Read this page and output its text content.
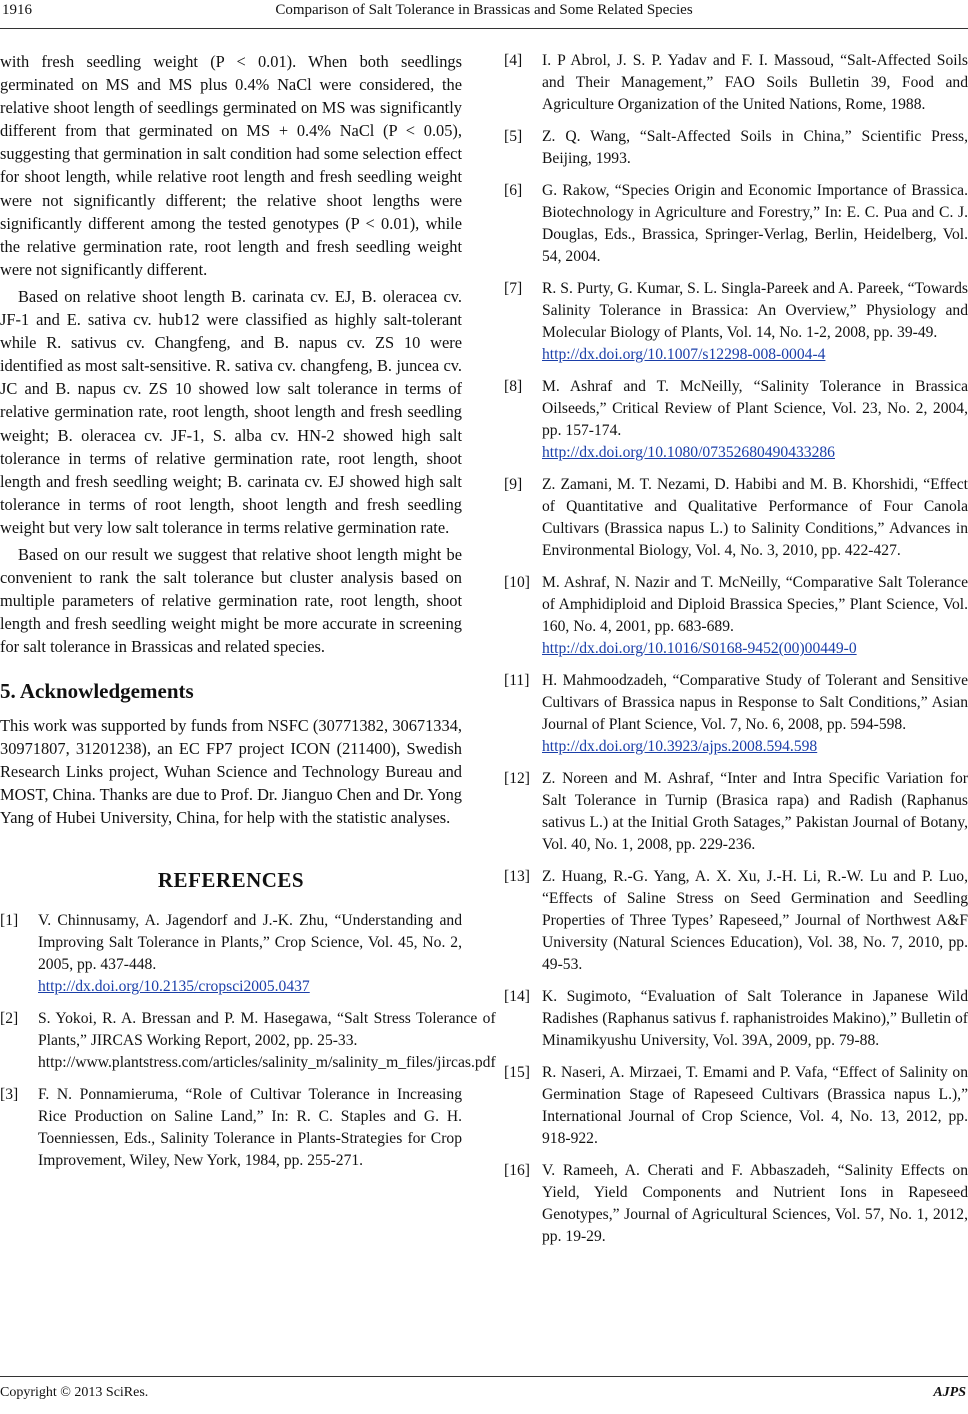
1916	Comparison of Salt Tolerance in Brassicas and Some Related Species

with fresh seedling weight (P < 0.01). When both seedlings germinated on MS and MS plus 0.4% NaCl were considered, the relative shoot length of seedlings germinated on MS was significantly different from that germinated on MS + 0.4% NaCl (P < 0.05), suggesting that germination in salt condition had some selection effect for shoot length, while relative root length and fresh seedling weight were not significantly different; the relative shoot lengths were significantly different among the tested genotypes (P < 0.01), while the relative germination rate, root length and fresh seedling weight were not significantly different.

Based on relative shoot length B. carinata cv. EJ, B. oleracea cv. JF-1 and E. sativa cv. hub12 were classified as highly salt-tolerant while R. sativus cv. Changfeng, and B. napus cv. ZS 10 were identified as most salt-sensitive. R. sativa cv. changfeng, B. juncea cv. JC and B. napus cv. ZS 10 showed low salt tolerance in terms of relative germination rate, root length, shoot length and fresh seedling weight; B. oleracea cv. JF-1, S. alba cv. HN-2 showed high salt tolerance in terms of relative germination rate, root length, shoot length and fresh seedling weight; B. carinata cv. EJ showed high salt tolerance in terms of root length, shoot length and fresh seedling weight but very low salt tolerance in terms relative germination rate.

Based on our result we suggest that relative shoot length might be convenient to rank the salt tolerance but cluster analysis based on multiple parameters of relative germination rate, root length, shoot length and fresh seedling weight might be more accurate in screening for salt tolerance in Brassicas and related species.

5. Acknowledgements

This work was supported by funds from NSFC (30771382, 30671334, 30971807, 31201238), an EC FP7 project ICON (211400), Swedish Research Links project, Wuhan Science and Technology Bureau and MOST, China. Thanks are due to Prof. Dr. Jianguo Chen and Dr. Yong Yang of Hubei University, China, for help with the statistic analyses.

REFERENCES
[1]	V. Chinnusamy, A. Jagendorf and J.-K. Zhu, “Understanding and Improving Salt Tolerance in Plants,” Crop Science, Vol. 45, No. 2, 2005, pp. 437-448.
http://dx.doi.org/10.2135/cropsci2005.0437
[2]	S. Yokoi, R. A. Bressan and P. M. Hasegawa, “Salt Stress Tolerance of Plants,” JIRCAS Working Report, 2002, pp. 25-33.
http://www.plantstress.com/articles/salinity_m/salinity_m_files/jircas.pdf
[3]	F. N. Ponnamieruma, “Role of Cultivar Tolerance in Increasing Rice Production on Saline Land,” In: R. C. Staples and G. H. Toenniessen, Eds., Salinity Tolerance in Plants-Strategies for Crop Improvement, Wiley, New York, 1984, pp. 255-271.
[4]	I. P Abrol, J. S. P. Yadav and F. I. Massoud, “Salt-Affected Soils and Their Management,” FAO Soils Bulletin 39, Food and Agriculture Organization of the United Nations, Rome, 1988.
[5]	Z. Q. Wang, “Salt-Affected Soils in China,” Scientific Press, Beijing, 1993.
[6]	G. Rakow, “Species Origin and Economic Importance of Brassica. Biotechnology in Agriculture and Forestry,” In: E. C. Pua and C. J. Douglas, Eds., Brassica, Springer-Verlag, Berlin, Heidelberg, Vol. 54, 2004.
[7]	R. S. Purty, G. Kumar, S. L. Singla-Pareek and A. Pareek, “Towards Salinity Tolerance in Brassica: An Overview,” Physiology and Molecular Biology of Plants, Vol. 14, No. 1-2, 2008, pp. 39-49.
http://dx.doi.org/10.1007/s12298-008-0004-4
[8]	M. Ashraf and T. McNeilly, “Salinity Tolerance in Brassica Oilseeds,” Critical Review of Plant Science, Vol. 23, No. 2, 2004, pp. 157-174.
http://dx.doi.org/10.1080/07352680490433286
[9]	Z. Zamani, M. T. Nezami, D. Habibi and M. B. Khorshidi, “Effect of Quantitative and Qualitative Performance of Four Canola Cultivars (Brassica napus L.) to Salinity Conditions,” Advances in Environmental Biology, Vol. 4, No. 3, 2010, pp. 422-427.
[10] M. Ashraf, N. Nazir and T. McNeilly, “Comparative Salt Tolerance of Amphidiploid and Diploid Brassica Species,” Plant Science, Vol. 160, No. 4, 2001, pp. 683-689.
http://dx.doi.org/10.1016/S0168-9452(00)00449-0
[11] H. Mahmoodzadeh, “Comparative Study of Tolerant and Sensitive Cultivars of Brassica napus in Response to Salt Conditions,” Asian Journal of Plant Science, Vol. 7, No. 6, 2008, pp. 594-598.
http://dx.doi.org/10.3923/ajps.2008.594.598
[12] Z. Noreen and M. Ashraf, “Inter and Intra Specific Variation for Salt Tolerance in Turnip (Brasica rapa) and Radish (Raphanus sativus L.) at the Initial Groth Satages,” Pakistan Journal of Botany, Vol. 40, No. 1, 2008, pp. 229-236.
[13] Z. Huang, R.-G. Yang, A. X. Xu, J.-H. Li, R.-W. Lu and P. Luo, “Effects of Saline Stress on Seed Germination and Seedling Properties of Three Types’ Rapeseed,” Journal of Northwest A&F University (Natural Sciences Education), Vol. 38, No. 7, 2010, pp. 49-53.
[14] K. Sugimoto, “Evaluation of Salt Tolerance in Japanese Wild Radishes (Raphanus sativus f. raphanistroides Makino),” Bulletin of Minamikyushu University, Vol. 39A, 2009, pp. 79-88.
[15] R. Naseri, A. Mirzaei, T. Emami and P. Vafa, “Effect of Salinity on Germination Stage of Rapeseed Cultivars (Brassica napus L.),” International Journal of Crop Science, Vol. 4, No. 13, 2012, pp. 918-922.
[16] V. Rameeh, A. Cherati and F. Abbaszadeh, “Salinity Effects on Yield, Yield Components and Nutrient Ions in Rapeseed Genotypes,” Journal of Agricultural Sciences, Vol. 57, No. 1, 2012, pp. 19-29.
Copyright © 2013 SciRes.	AJPS
